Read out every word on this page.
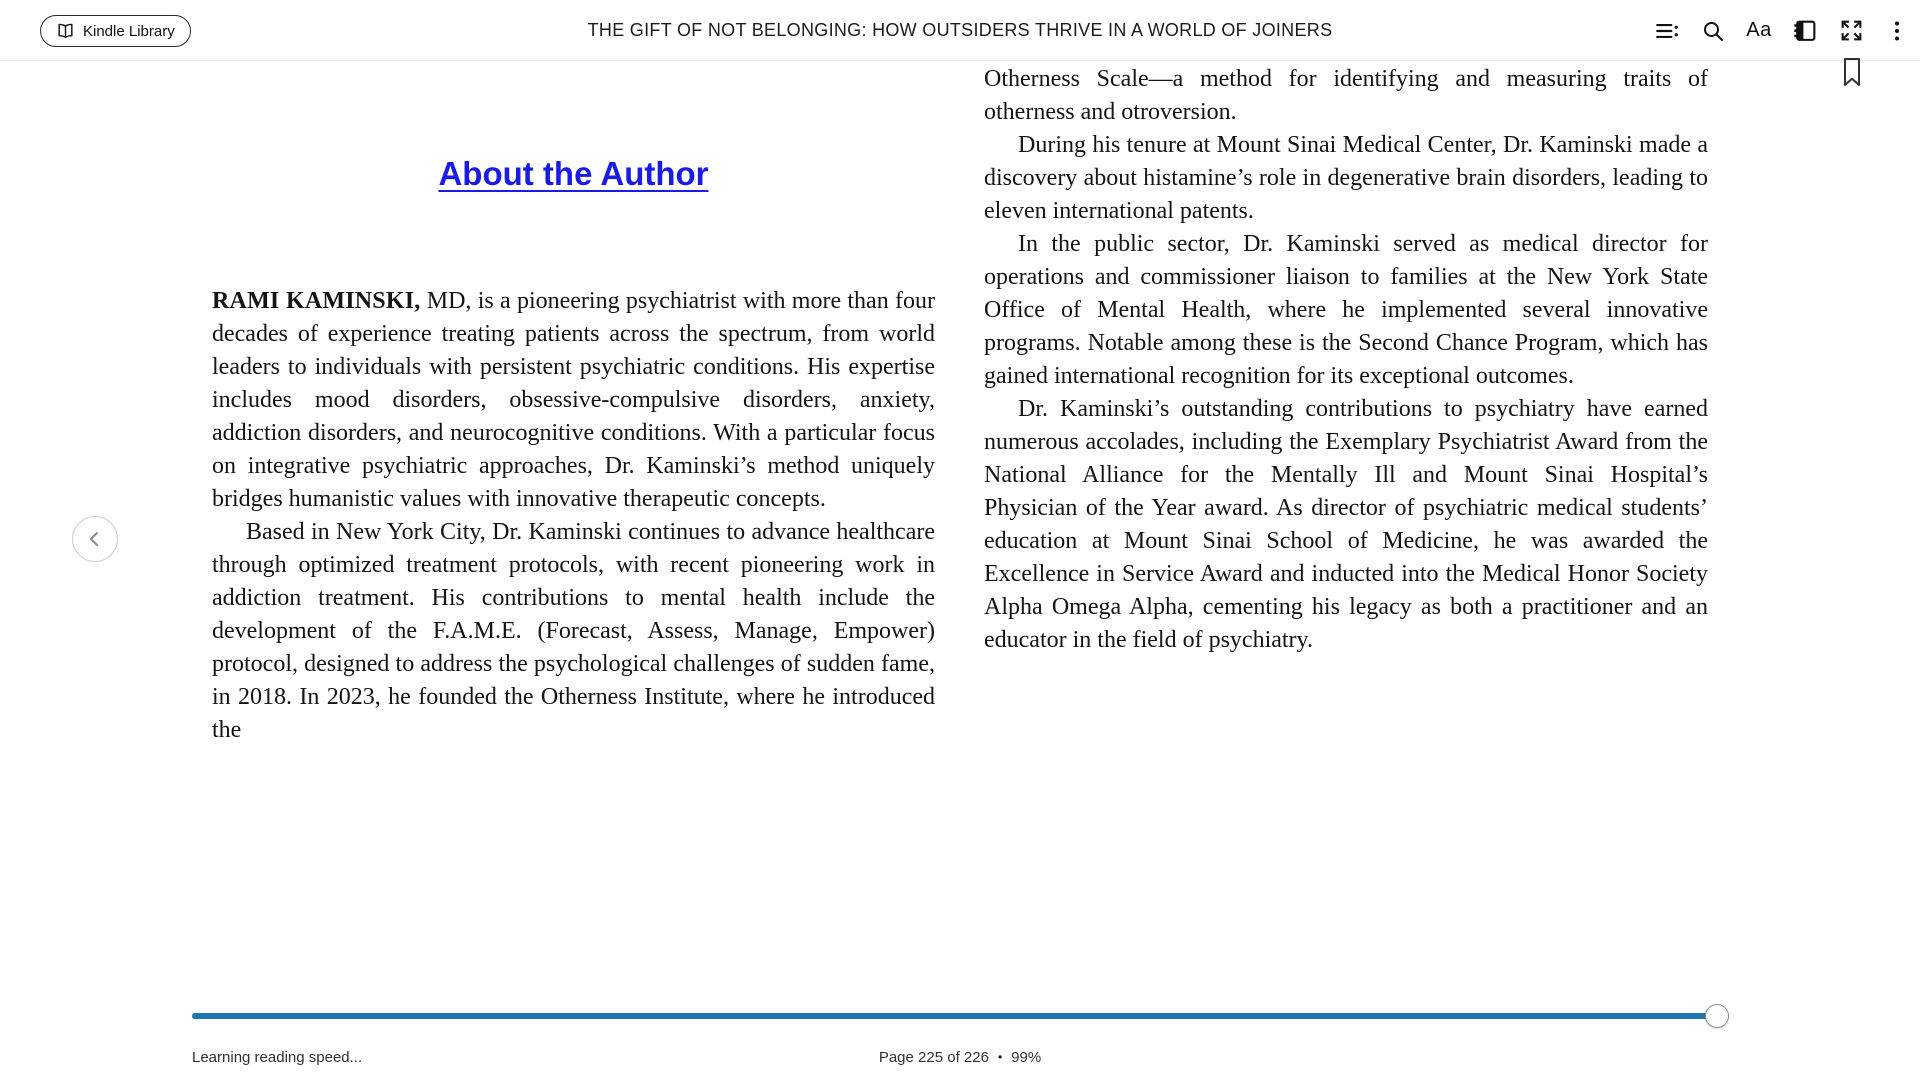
Kindle Library	THE GIFT OF NOT BELONGING: HOW OUTSIDERS THRIVE IN A WORLD OF JOINERS	Aa
About the Author

RAMI KAMINSKI, MD, is a pioneering psychiatrist with more than four decades of experience treating patients across the spectrum, from world leaders to individuals with persistent psychiatric conditions. His expertise includes mood disorders, obsessive-compulsive disorders, anxiety, addiction disorders, and neurocognitive conditions. With a particular focus on integrative psychiatric approaches, Dr. Kaminski’s method uniquely bridges humanistic values with innovative therapeutic concepts.

Based in New York City, Dr. Kaminski continues to advance healthcare through optimized treatment protocols, with recent pioneering work in addiction treatment. His contributions to mental health include the development of the F.A.M.E. (Forecast, Assess, Manage, Empower) protocol, designed to address the psychological challenges of sudden fame, in 2018. In 2023, he founded the Otherness Institute, where he introduced the

Otherness Scale—a method for identifying and measuring traits of otherness and otroversion.

During his tenure at Mount Sinai Medical Center, Dr. Kaminski made a discovery about histamine’s role in degenerative brain disorders, leading to eleven international patents.

In the public sector, Dr. Kaminski served as medical director for operations and commissioner liaison to families at the New York State Office of Mental Health, where he implemented several innovative programs. Notable among these is the Second Chance Program, which has gained international recognition for its exceptional outcomes.

Dr. Kaminski’s outstanding contributions to psychiatry have earned numerous accolades, including the Exemplary Psychiatrist Award from the National Alliance for the Mentally Ill and Mount Sinai Hospital’s Physician of the Year award. As director of psychiatric medical students’ education at Mount Sinai School of Medicine, he was awarded the Excellence in Service Award and inducted into the Medical Honor Society Alpha Omega Alpha, cementing his legacy as both a practitioner and an educator in the field of psychiatry.

Learning reading speed...	Page 225 of 226 • 99%
